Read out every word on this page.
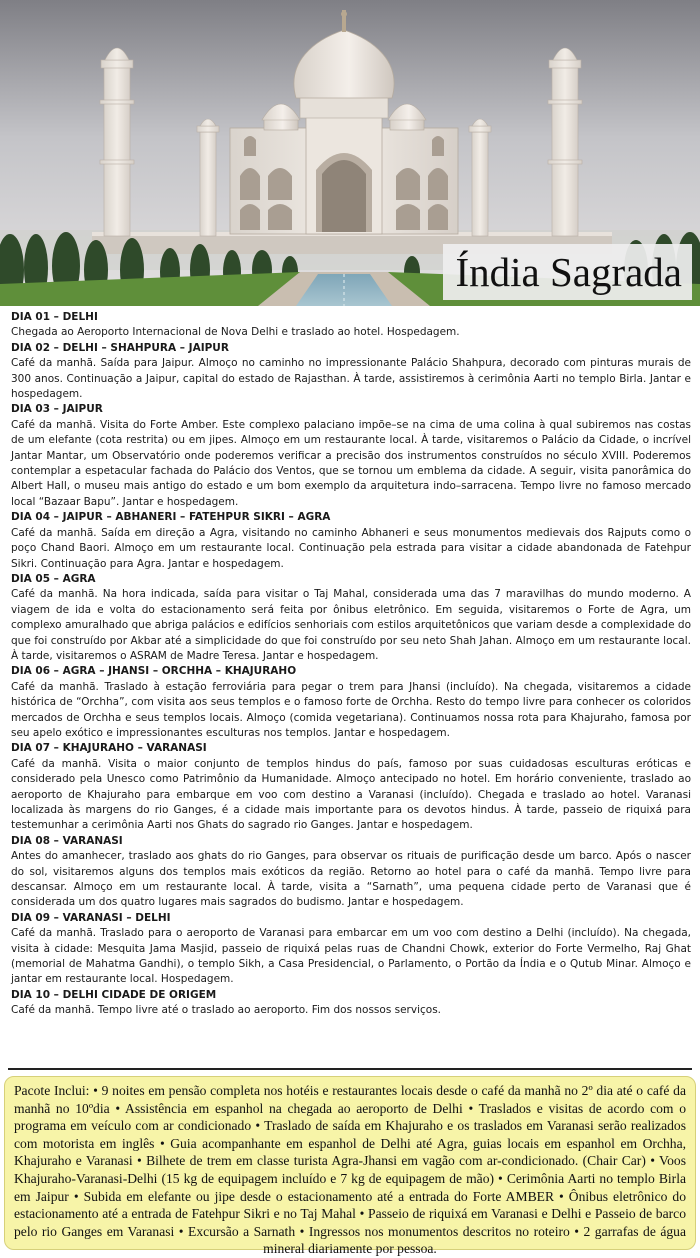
Índia Sagrada

DIA 01 – DELHI

Chegada ao Aeroporto Internacional de Nova Delhi e traslado ao hotel. Hospedagem.

DIA 02 – DELHI – SHAHPURA – JAIPUR

Café da manhã. Saída para Jaipur. Almoço no caminho no impressionante Palácio Shahpura, decorado com pinturas murais de 300 anos. Continuação a Jaipur, capital do estado de Rajasthan. À tarde, assistiremos à cerimônia Aarti no templo Birla. Jantar e hospedagem.

DIA 03 – JAIPUR

Café da manhã. Visita do Forte Amber. Este complexo palaciano impõe–se na cima de uma colina à qual subiremos nas costas de um elefante (cota restrita) ou em jipes. Almoço em um restaurante local. À tarde, visitaremos o Palácio da Cidade, o incrível Jantar Mantar, um Observatório onde poderemos verificar a precisão dos instrumentos construídos no século XVIII. Poderemos contemplar a espetacular fachada do Palácio dos Ventos, que se tornou um emblema da cidade. A seguir, visita panorâmica do Albert Hall, o museu mais antigo do estado e um bom exemplo da arquitetura indo–sarracena. Tempo livre no famoso mercado local “Bazaar Bapu”. Jantar e hospedagem.

DIA 04 – JAIPUR – ABHANERI – FATEHPUR SIKRI – AGRA

Café da manhã. Saída em direção a Agra, visitando no caminho Abhaneri e seus monumentos medievais dos Rajputs como o poço Chand Baori. Almoço em um restaurante local. Continuação pela estrada para visitar a cidade abandonada de Fatehpur Sikri. Continuação para Agra. Jantar e hospedagem.

DIA 05 – AGRA

Café da manhã. Na hora indicada, saída para visitar o Taj Mahal, considerada uma das 7 maravilhas do mundo moderno. A viagem de ida e volta do estacionamento será feita por ônibus eletrônico. Em seguida, visitaremos o Forte de Agra, um complexo amuralhado que abriga palácios e edifícios senhoriais com estilos arquitetônicos que variam desde a complexidade do que foi construído por Akbar até a simplicidade do que foi construído por seu neto Shah Jahan. Almoço em um restaurante local. À tarde, visitaremos o ASRAM de Madre Teresa. Jantar e hospedagem.

DIA 06 – AGRA – JHANSI – ORCHHA – KHAJURAHO

Café da manhã. Traslado à estação ferroviária para pegar o trem para Jhansi (incluído). Na chegada, visitaremos a cidade histórica de “Orchha”, com visita aos seus templos e o famoso forte de Orchha. Resto do tempo livre para conhecer os coloridos mercados de Orchha e seus templos locais. Almoço (comida vegetariana). Continuamos nossa rota para Khajuraho, famosa por seu apelo exótico e impressionantes esculturas nos templos. Jantar e hospedagem.

DIA 07 – KHAJURAHO – VARANASI

Café da manhã. Visita o maior conjunto de templos hindus do país, famoso por suas cuidadosas esculturas eróticas e considerado pela Unesco como Patrimônio da Humanidade. Almoço antecipado no hotel. Em horário conveniente, traslado ao aeroporto de Khajuraho para embarque em voo com destino a Varanasi (incluído). Chegada e traslado ao hotel. Varanasi localizada às margens do rio Ganges, é a cidade mais importante para os devotos hindus. À tarde, passeio de riquixá para testemunhar a cerimônia Aarti nos Ghats do sagrado rio Ganges. Jantar e hospedagem.

DIA 08 – VARANASI

Antes do amanhecer, traslado aos ghats do rio Ganges, para observar os rituais de purificação desde um barco. Após o nascer do sol, visitaremos alguns dos templos mais exóticos da região. Retorno ao hotel para o café da manhã. Tempo livre para descansar. Almoço em um restaurante local. À tarde, visita a “Sarnath”, uma pequena cidade perto de Varanasi que é considerada um dos quatro lugares mais sagrados do budismo. Jantar e hospedagem.

DIA 09 – VARANASI – DELHI

Café da manhã. Traslado para o aeroporto de Varanasi para embarcar em um voo com destino a Delhi (incluído). Na chegada, visita à cidade: Mesquita Jama Masjid, passeio de riquixá pelas ruas de Chandni Chowk, exterior do Forte Vermelho, Raj Ghat (memorial de Mahatma Gandhi), o templo Sikh, a Casa Presidencial, o Parlamento, o Portão da Índia e o Qutub Minar. Almoço e jantar em restaurante local. Hospedagem.

DIA 10 – DELHI CIDADE DE ORIGEM

Café da manhã. Tempo livre até o traslado ao aeroporto. Fim dos nossos serviços.

Pacote Inclui: • 9 noites em pensão completa nos hotéis e restaurantes locais desde o café da manhã no 2º dia até o café da manhã no 10ºdia • Assistência em espanhol na chegada ao aeroporto de Delhi • Traslados e visitas de acordo com o programa em veículo com ar condicionado • Traslado de saída em Khajuraho e os traslados em Varanasi serão realizados com motorista em inglês • Guia acompanhante em espanhol de Delhi até Agra, guias locais em espanhol em Orchha, Khajuraho e Varanasi • Bilhete de trem em classe turista Agra-Jhansi em vagão com ar-condicionado. (Chair Car) • Voos Khajuraho-Varanasi-Delhi (15 kg de equipagem incluído e 7 kg de equipagem de mão) • Cerimônia Aarti no templo Birla em Jaipur • Subida em elefante ou jipe desde o estacionamento até a entrada do Forte AMBER • Ônibus eletrônico do estacionamento até a entrada de Fatehpur Sikri e no Taj Mahal • Passeio de riquixá em Varanasi e Delhi e Passeio de barco pelo rio Ganges em Varanasi • Excursão a Sarnath • Ingressos nos monumentos descritos no roteiro • 2 garrafas de água mineral diariamente por pessoa.
